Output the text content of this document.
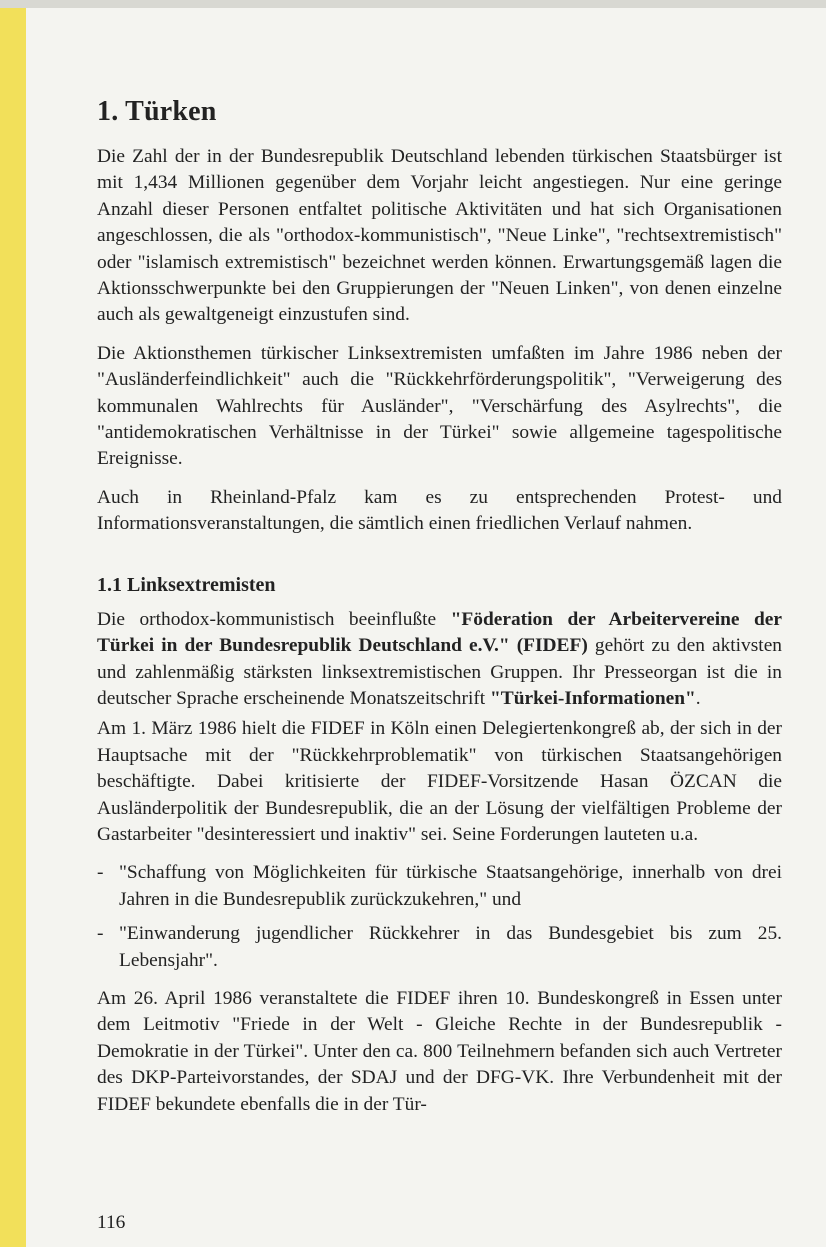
1. Türken

Die Zahl der in der Bundesrepublik Deutschland lebenden türkischen Staatsbürger ist mit 1,434 Millionen gegenüber dem Vorjahr leicht angestiegen. Nur eine geringe Anzahl dieser Personen entfaltet politische Aktivitäten und hat sich Organisationen angeschlossen, die als "orthodox-kommunistisch", "Neue Linke", "rechtsextremistisch" oder "islamisch extremistisch" bezeichnet werden können. Erwartungsgemäß lagen die Aktionsschwerpunkte bei den Gruppierungen der "Neuen Linken", von denen einzelne auch als gewaltgeneigt einzustufen sind.

Die Aktionsthemen türkischer Linksextremisten umfaßten im Jahre 1986 neben der "Ausländerfeindlichkeit" auch die "Rückkehrförderungspolitik", "Verweigerung des kommunalen Wahlrechts für Ausländer", "Verschärfung des Asylrechts", die "antidemokratischen Verhältnisse in der Türkei" sowie allgemeine tagespolitische Ereignisse.

Auch in Rheinland-Pfalz kam es zu entsprechenden Protest- und Informationsveranstaltungen, die sämtlich einen friedlichen Verlauf nahmen.

1.1 Linksextremisten

Die orthodox-kommunistisch beeinflußte "Föderation der Arbeitervereine der Türkei in der Bundesrepublik Deutschland e.V." (FIDEF) gehört zu den aktivsten und zahlenmäßig stärksten linksextremistischen Gruppen. Ihr Presseorgan ist die in deutscher Sprache erscheinende Monatszeitschrift "Türkei-Informationen".

Am 1. März 1986 hielt die FIDEF in Köln einen Delegiertenkongreß ab, der sich in der Hauptsache mit der "Rückkehrproblematik" von türkischen Staatsangehörigen beschäftigte. Dabei kritisierte der FIDEF-Vorsitzende Hasan ÖZCAN die Ausländerpolitik der Bundesrepublik, die an der Lösung der vielfältigen Probleme der Gastarbeiter "desinteressiert und inaktiv" sei. Seine Forderungen lauteten u.a.

- "Schaffung von Möglichkeiten für türkische Staatsangehörige, innerhalb von drei Jahren in die Bundesrepublik zurückzukehren," und
- "Einwanderung jugendlicher Rückkehrer in das Bundesgebiet bis zum 25. Lebensjahr".

Am 26. April 1986 veranstaltete die FIDEF ihren 10. Bundeskongreß in Essen unter dem Leitmotiv "Friede in der Welt - Gleiche Rechte in der Bundesrepublik - Demokratie in der Türkei". Unter den ca. 800 Teilnehmern befanden sich auch Vertreter des DKP-Parteivorstandes, der SDAJ und der DFG-VK. Ihre Verbundenheit mit der FIDEF bekundete ebenfalls die in der Tür-

116
